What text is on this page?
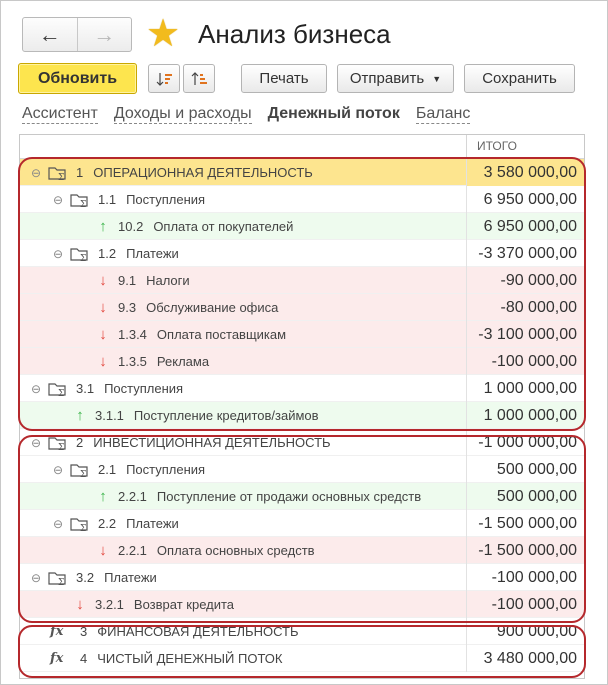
← → ★ Анализ бизнеса
Обновить	Печать	Отправить ▼	Сохранить
Ассистент Доходы и расходы Денежный поток Баланс
ИТОГО
⊖ Σ 1 ОПЕРАЦИОННАЯ ДЕЯТЕЛЬНОСТЬ	3 580 000,00
⊖ Σ 1.1 Поступления	6 950 000,00
↑ 10.2 Оплата от покупателей	6 950 000,00
⊖ Σ 1.2 Платежи	-3 370 000,00
↓ 9.1 Налоги	-90 000,00
↓ 9.3 Обслуживание офиса	-80 000,00
↓ 1.3.4 Оплата поставщикам	-3 100 000,00
↓ 1.3.5 Реклама	-100 000,00
⊖ Σ 3.1 Поступления	1 000 000,00
↑ 3.1.1 Поступление кредитов/займов	1 000 000,00
⊖ Σ 2 ИНВЕСТИЦИОННАЯ ДЕЯТЕЛЬНОСТЬ	-1 000 000,00
⊖ Σ 2.1 Поступления	500 000,00
↑ 2.2.1 Поступление от продажи основных средств	500 000,00
⊖ Σ 2.2 Платежи	-1 500 000,00
↓ 2.2.1 Оплата основных средств	-1 500 000,00
⊖ Σ 3.2 Платежи	-100 000,00
↓ 3.2.1 Возврат кредита	-100 000,00
fx	3 ФИНАНСОВАЯ ДЕЯТЕЛЬНОСТЬ	900 000,00
fx	4 ЧИСТЫЙ ДЕНЕЖНЫЙ ПОТОК	3 480 000,00
